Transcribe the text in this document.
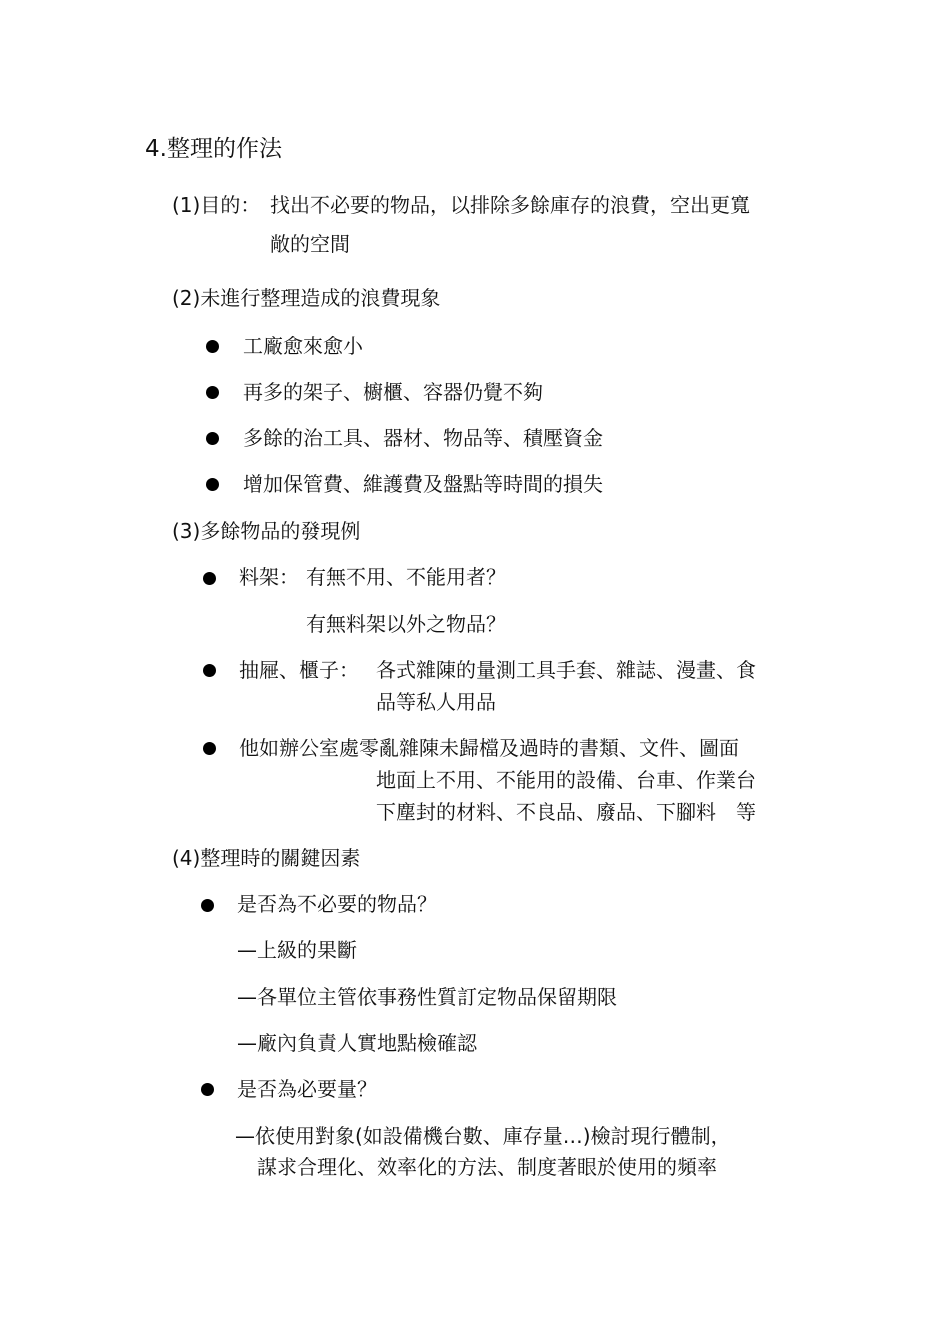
4.整理的作法
(1)目的： 找出不必要的物品，以排除多餘庫存的浪費，空出更寬
敞的空間
(2)未進行整理造成的浪費現象
工廠愈來愈小
再多的架子、櫥櫃、容器仍覺不夠
多餘的治工具、器材、物品等、積壓資金
增加保管費、維護費及盤點等時間的損失
(3)多餘物品的發現例
料架： 有無不用、不能用者？
有無料架以外之物品？
抽屜、櫃子： 各式雜陳的量測工具手套、雜誌、漫畫、食
品等私人用品
他如辦公室處零亂雜陳未歸檔及過時的書類、文件、圖面
地面上不用、不能用的設備、台車、作業台
下塵封的材料、不良品、廢品、下腳料　等
(4)整理時的關鍵因素
是否為不必要的物品？
—上級的果斷
—各單位主管依事務性質訂定物品保留期限
—廠內負責人實地點檢確認
是否為必要量？
—依使用對象(如設備機台數、庫存量…)檢討現行體制，
謀求合理化、效率化的方法、制度著眼於使用的頻率
